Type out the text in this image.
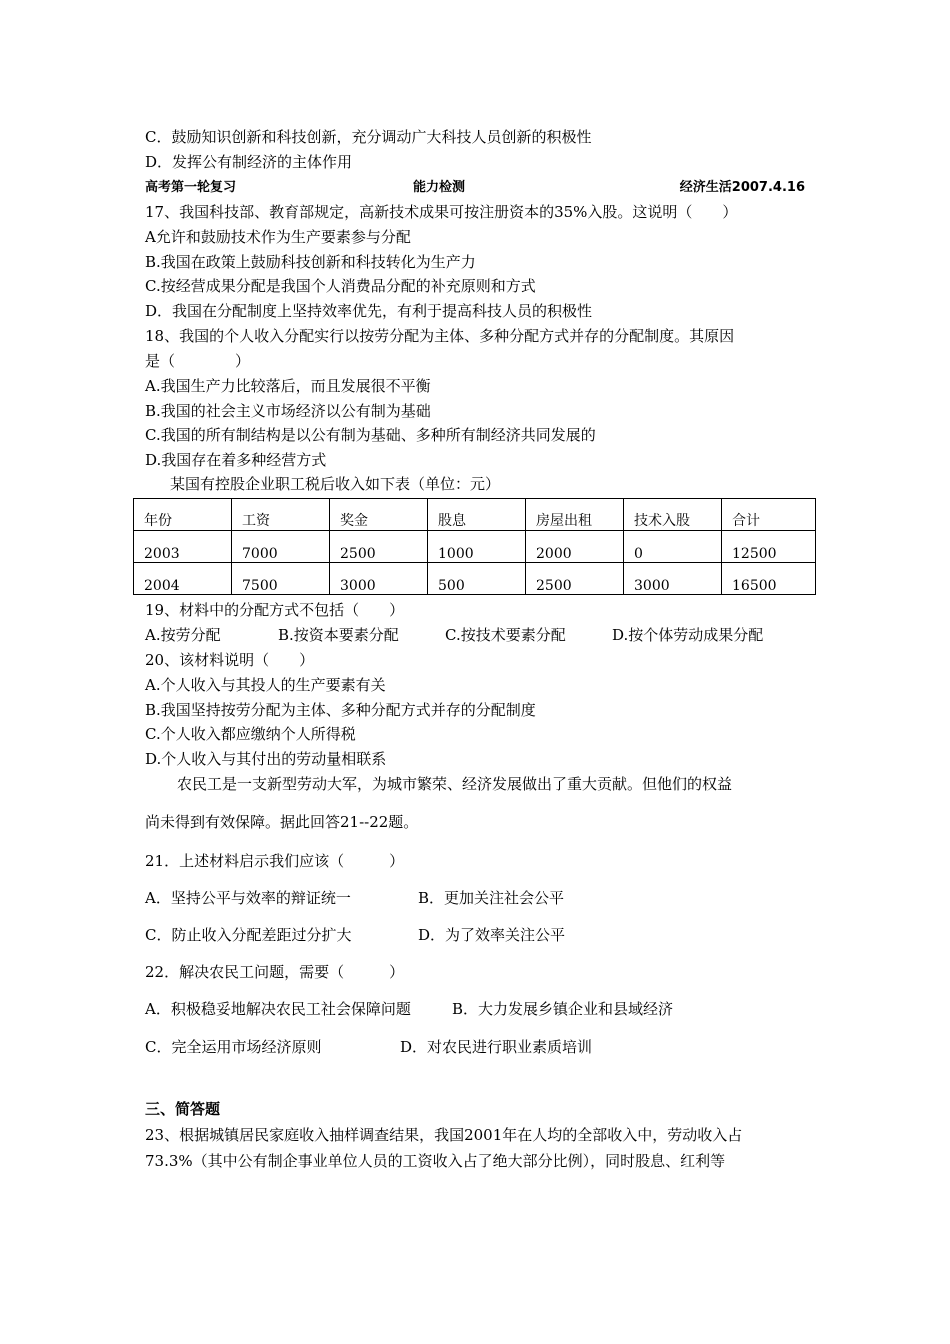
C．鼓励知识创新和科技创新，充分调动广大科技人员创新的积极性
D．发挥公有制经济的主体作用
高考第一轮复习	能力检测	经济生活2007.4.16
17、我国科技部、教育部规定，高新技术成果可按注册资本的35%入股。这说明（　　）
A允许和鼓励技术作为生产要素参与分配
B.我国在政策上鼓励科技创新和科技转化为生产力
C.按经营成果分配是我国个人消费品分配的补充原则和方式
D．我国在分配制度上坚持效率优先，有利于提高科技人员的积极性
18、我国的个人收入分配实行以按劳分配为主体、多种分配方式并存的分配制度。其原因
是（　　　　）
A.我国生产力比较落后，而且发展很不平衡
B.我国的社会主义市场经济以公有制为基础
C.我国的所有制结构是以公有制为基础、多种所有制经济共同发展的
D.我国存在着多种经营方式
某国有控股企业职工税后收入如下表（单位：元）
年份	工资	奖金	股息	房屋出租	技术入股	合计
2003	7000	2500	1000	2000	0	12500
2004	7500	3000	500	2500	3000	16500
19、材料中的分配方式不包括（　　）
A.按劳分配	B.按资本要素分配	C.按技术要素分配	D.按个体劳动成果分配
20、该材料说明（　　）
A.个人收入与其投人的生产要素有关
B.我国坚持按劳分配为主体、多种分配方式并存的分配制度
C.个人收入都应缴纳个人所得税
D.个人收入与其付出的劳动量相联系
农民工是一支新型劳动大军，为城市繁荣、经济发展做出了重大贡献。但他们的权益
尚未得到有效保障。据此回答21--22题。
21．上述材料启示我们应该（　　　）
A．坚持公平与效率的辩证统一	B．更加关注社会公平
C．防止收入分配差距过分扩大	D．为了效率关注公平
22．解决农民工问题，需要（　　　）
A．积极稳妥地解决农民工社会保障问题	B．大力发展乡镇企业和县域经济
C．完全运用市场经济原则	D．对农民进行职业素质培训
三、简答题
23、根据城镇居民家庭收入抽样调查结果，我国2001年在人均的全部收入中，劳动收入占
73.3%（其中公有制企事业单位人员的工资收入占了绝大部分比例），同时股息、红利等
